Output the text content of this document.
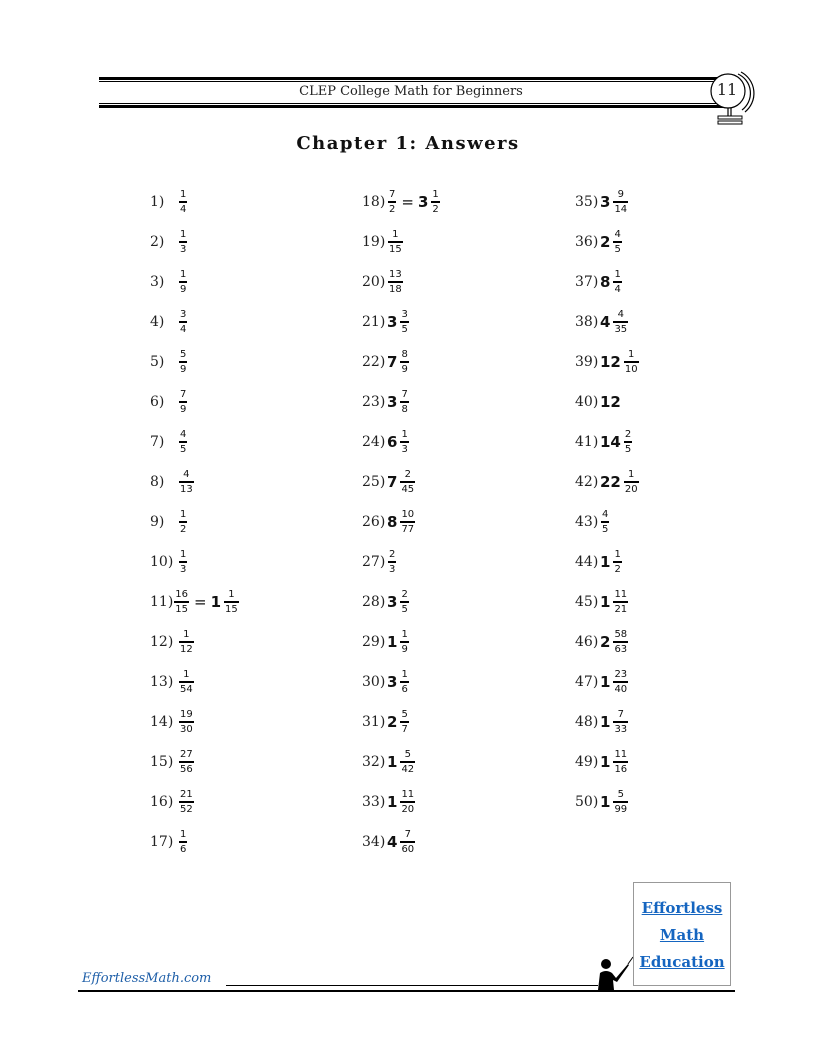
CLEP College Math for Beginners	11
Chapter 1: Answers
1)	$\frac{1}{4}$
2)	$\frac{1}{3}$
3)	$\frac{1}{9}$
4)	$\frac{3}{4}$
5)	$\frac{5}{9}$
6)	$\frac{7}{9}$
7)	$\frac{4}{5}$
8)	$\frac{4}{13}$
9)	$\frac{1}{2}$
$10) \frac{1}{3}$
$11) \frac{16}{15} = 1 \frac{1}{15}$
$12) \frac{1}{12}$
$13) \frac{1}{54}$
$14) \frac{19}{30}$
$15) \frac{27}{56}$
$16) \frac{21}{52}$
$17) \frac{1}{6}$
$18) \frac{7}{2} = 3 \frac{1}{2}$
$19) \frac{1}{15}$
$20) \frac{13}{18}$
21) $3 \frac{3}{5}$
22) $7 \frac{8}{9}$
23) $3 \frac{7}{8}$
24) $6 \frac{1}{3}$
25) $7 \frac{2}{45}$
26) $8 \frac{10}{77}$
$27) \frac{2}{3}$
28) $3 \frac{2}{5}$
29) $1 \frac{1}{9}$
30) $3 \frac{1}{6}$
31) $2 \frac{5}{7}$
32) $1 \frac{5}{42}$
33) $1 \frac{11}{20}$
34) $4 \frac{7}{60}$
35) $3 \frac{9}{14}$
36) $2 \frac{4}{5}$
37) $8 \frac{1}{4}$
38) $4 \frac{4}{35}$
39) $12 \frac{1}{10}$
40) 12
41) $14 \frac{2}{5}$
42) $22 \frac{1}{20}$
$43) \frac{4}{5}$
44) $1 \frac{1}{2}$
45) $1 \frac{11}{21}$
46) $2 \frac{58}{63}$
47) $1 \frac{23}{40}$
48) $1 \frac{7}{33}$
49) $1 \frac{11}{16}$
50) $1 \frac{5}{99}$
EffortlessMath.com
Effortless
Math
Education
